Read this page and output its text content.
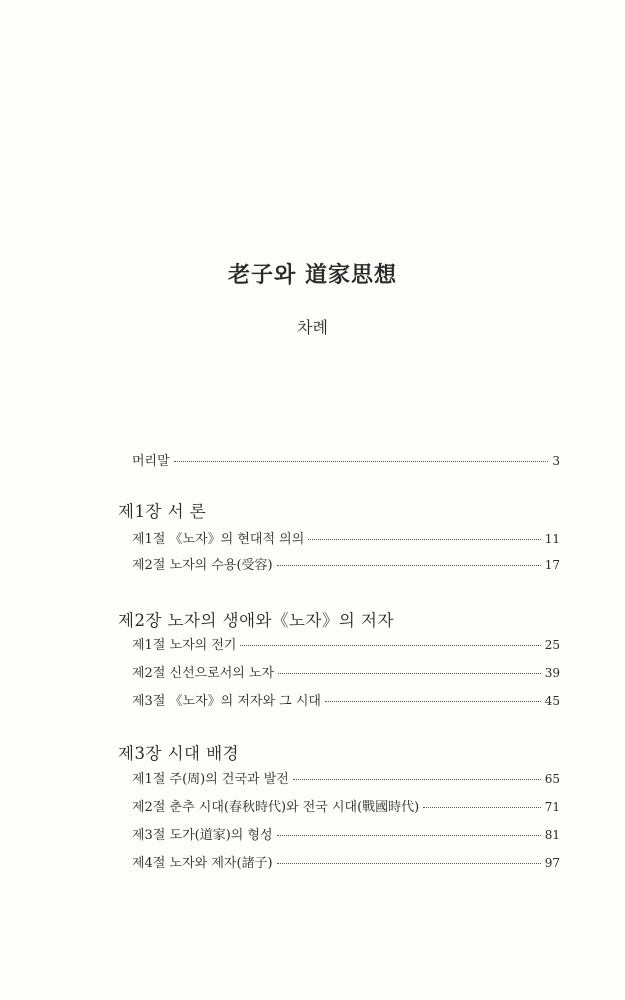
老子와 道家思想
차례
머리말	3
제1장 서 론
제1절 《노자》의 현대적 의의	11
제2절 노자의 수용(受容)	17
제2장 노자의 생애와《노자》의 저자
제1절 노자의 전기	25
제2절 신선으로서의 노자	39
제3절 《노자》의 저자와 그 시대	45
제3장 시대 배경
제1절 주(周)의 건국과 발전	65
제2절 춘추 시대(春秋時代)와 전국 시대(戰國時代)	71
제3절 도가(道家)의 형성	81
제4절 노자와 제자(諸子)	97
